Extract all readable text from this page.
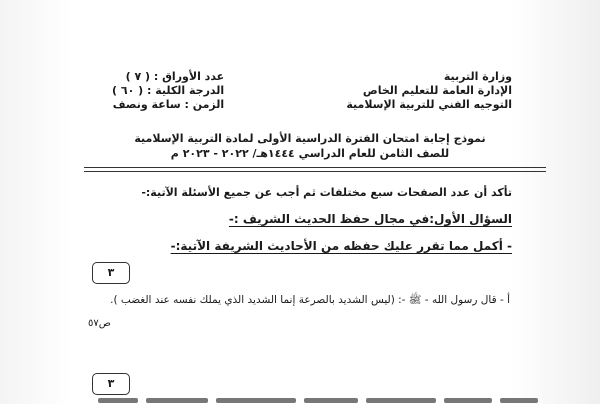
وزارة التربية
الإدارة العامة للتعليم الخاص
التوجيه الفني للتربية الإسلامية
عدد الأوراق : ( ٧ )
الدرجة الكلية : ( ٦٠ )
الزمن : ساعة ونصف
نموذج إجابة امتحان الفترة الدراسية الأولى لمادة التربية الإسلامية
للصف الثامن للعام الدراسي ١٤٤٤هـ/ ٢٠٢٢ - ٢٠٢٣ م
تأكد أن عدد الصفحات سبع مختلفات ثم أجب عن جميع الأسئلة الآتية:-
السؤال الأول:في مجال حفظ الحديث الشريف :-
- أكمل مما تقرر عليك حفظه من الأحاديث الشريفة الآتية:-
٣
أ - قال رسول الله - ﷺ -: (ليس الشديد بالصرعة إنما الشديد الذي يملك نفسه عند الغضب ).
ص٥٧
٣
